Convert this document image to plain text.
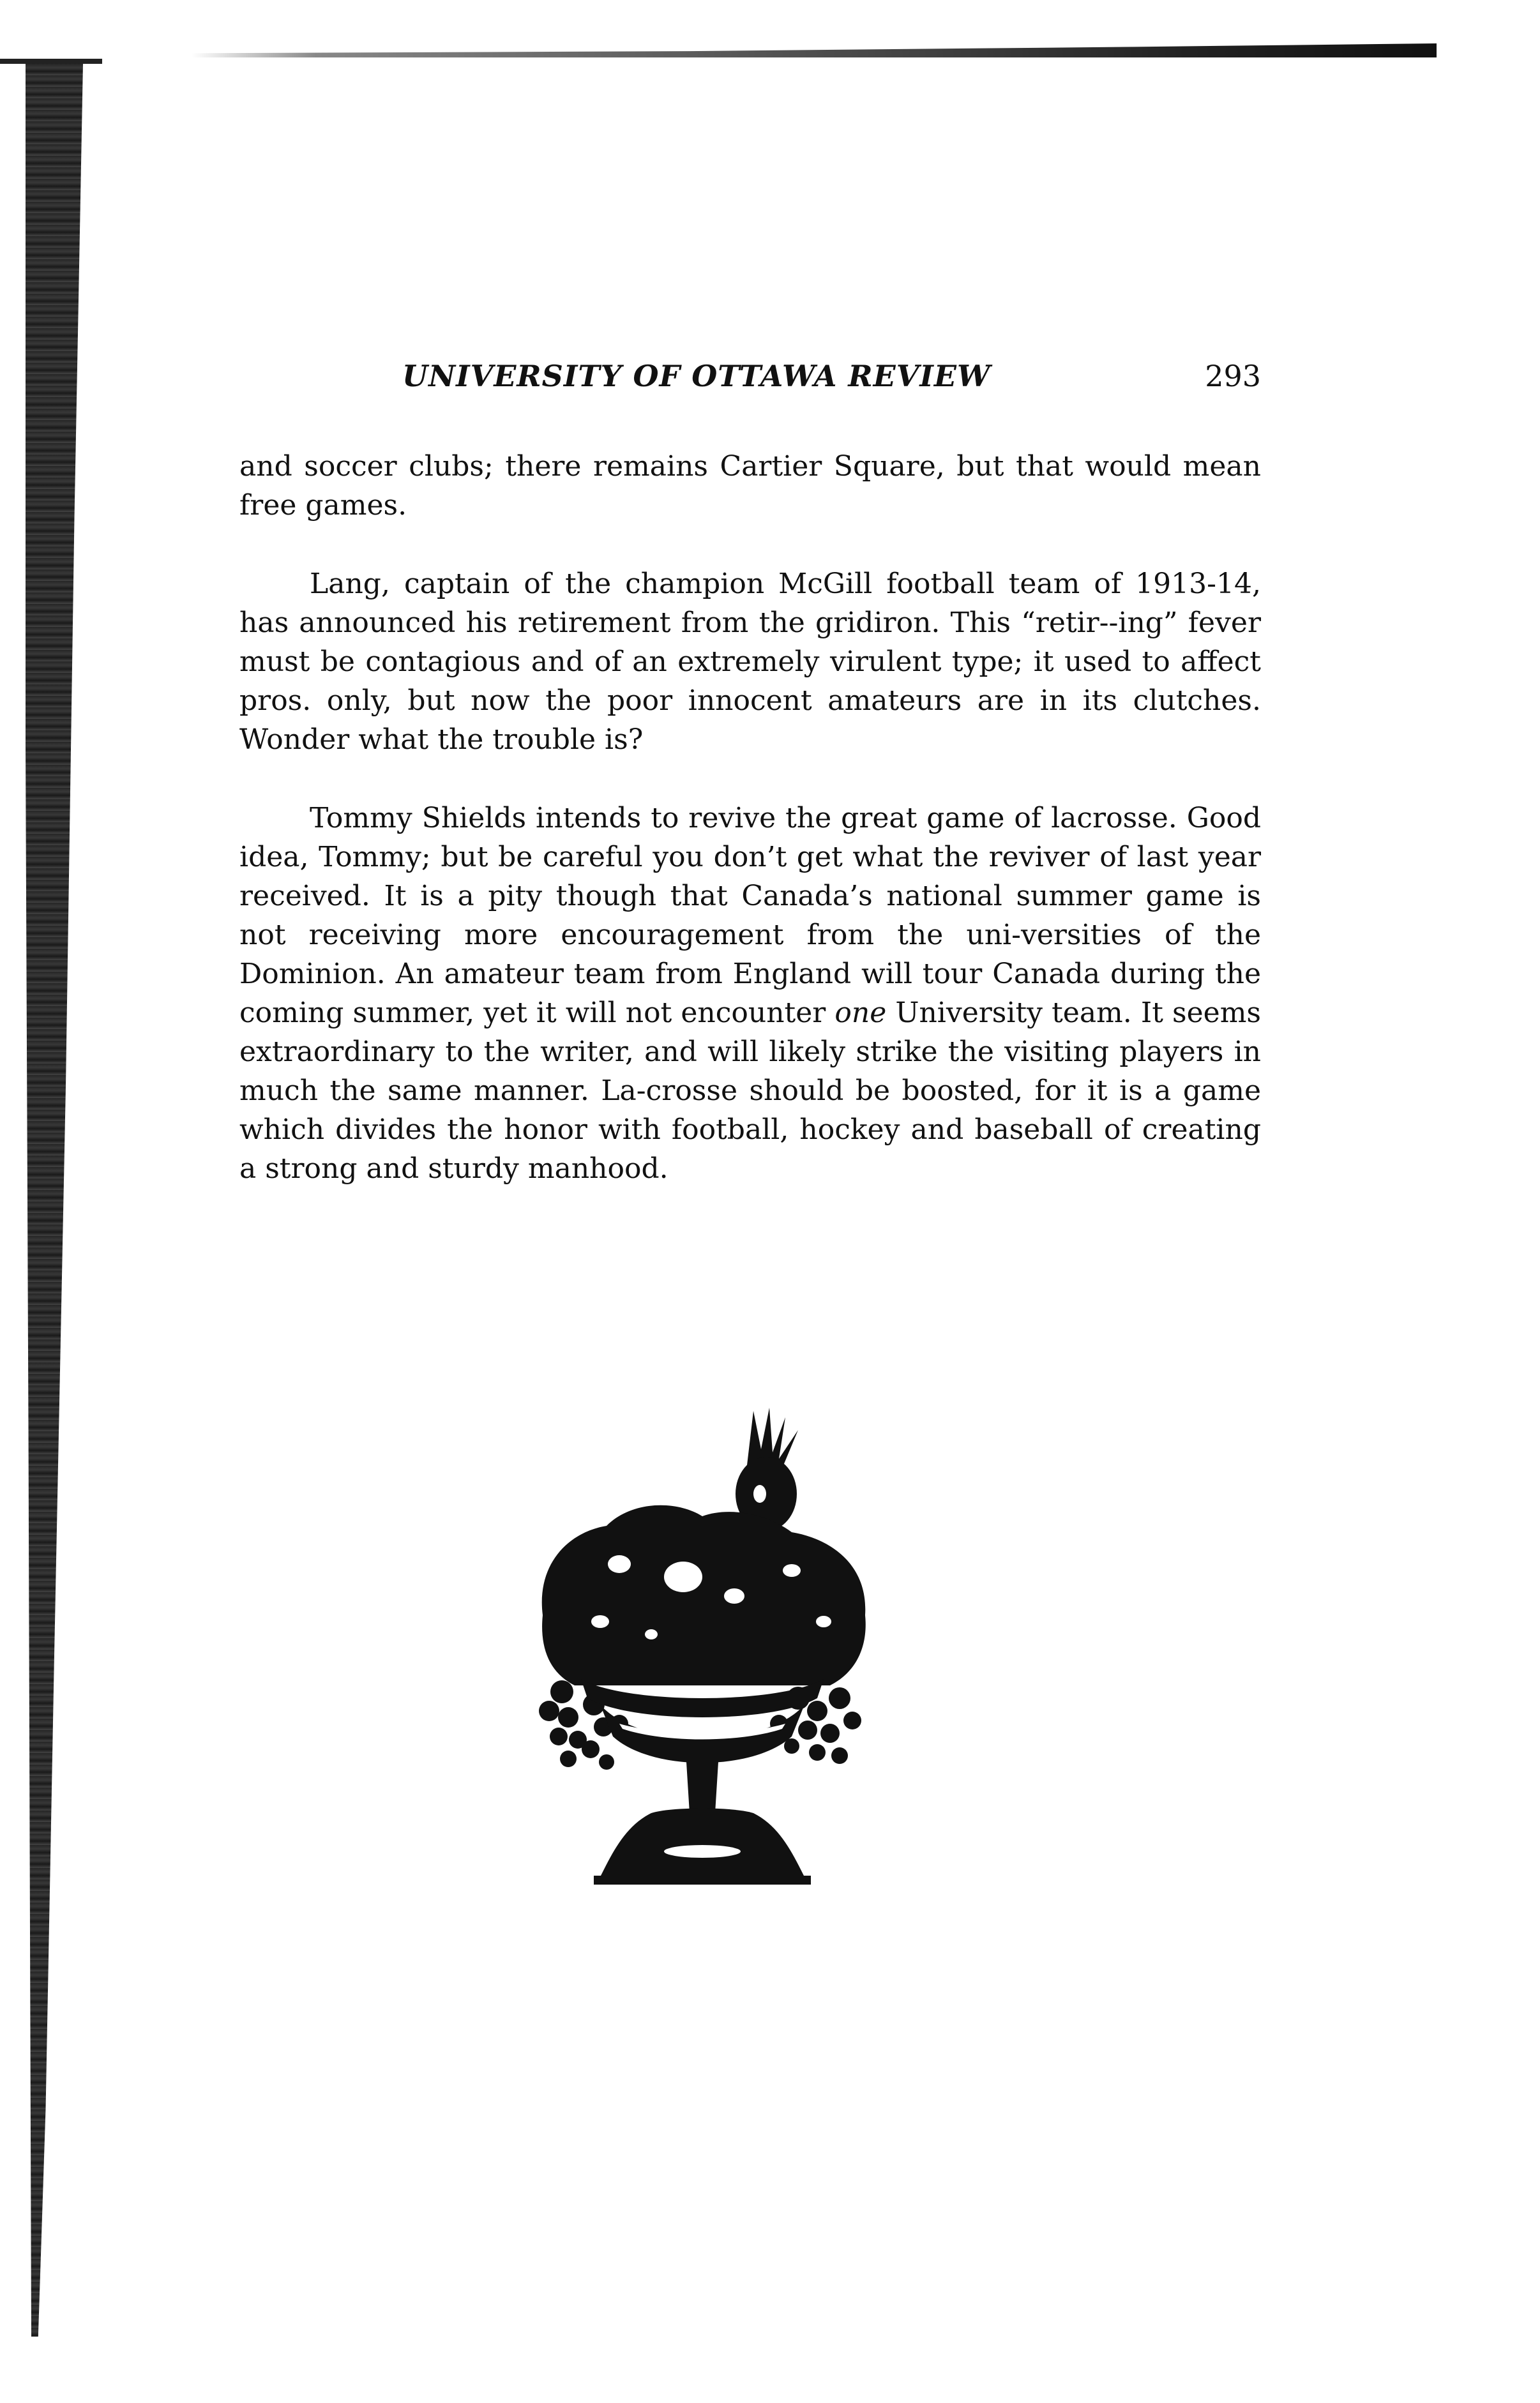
UNIVERSITY OF OTTAWA REVIEW	293

and soccer clubs; there remains Cartier Square, but that would mean free games.

Lang, captain of the champion McGill football team of 1913-14, has announced his retirement from the gridiron. This “retir--ing” fever must be contagious and of an extremely virulent type; it used to affect pros. only, but now the poor innocent amateurs are in its clutches. Wonder what the trouble is?

Tommy Shields intends to revive the great game of lacrosse. Good idea, Tommy; but be careful you don’t get what the reviver of last year received. It is a pity though that Canada’s national summer game is not receiving more encouragement from the uni-versities of the Dominion. An amateur team from England will tour Canada during the coming summer, yet it will not encounter one University team. It seems extraordinary to the writer, and will likely strike the visiting players in much the same manner. La-crosse should be boosted, for it is a game which divides the honor with football, hockey and baseball of creating a strong and sturdy manhood.
